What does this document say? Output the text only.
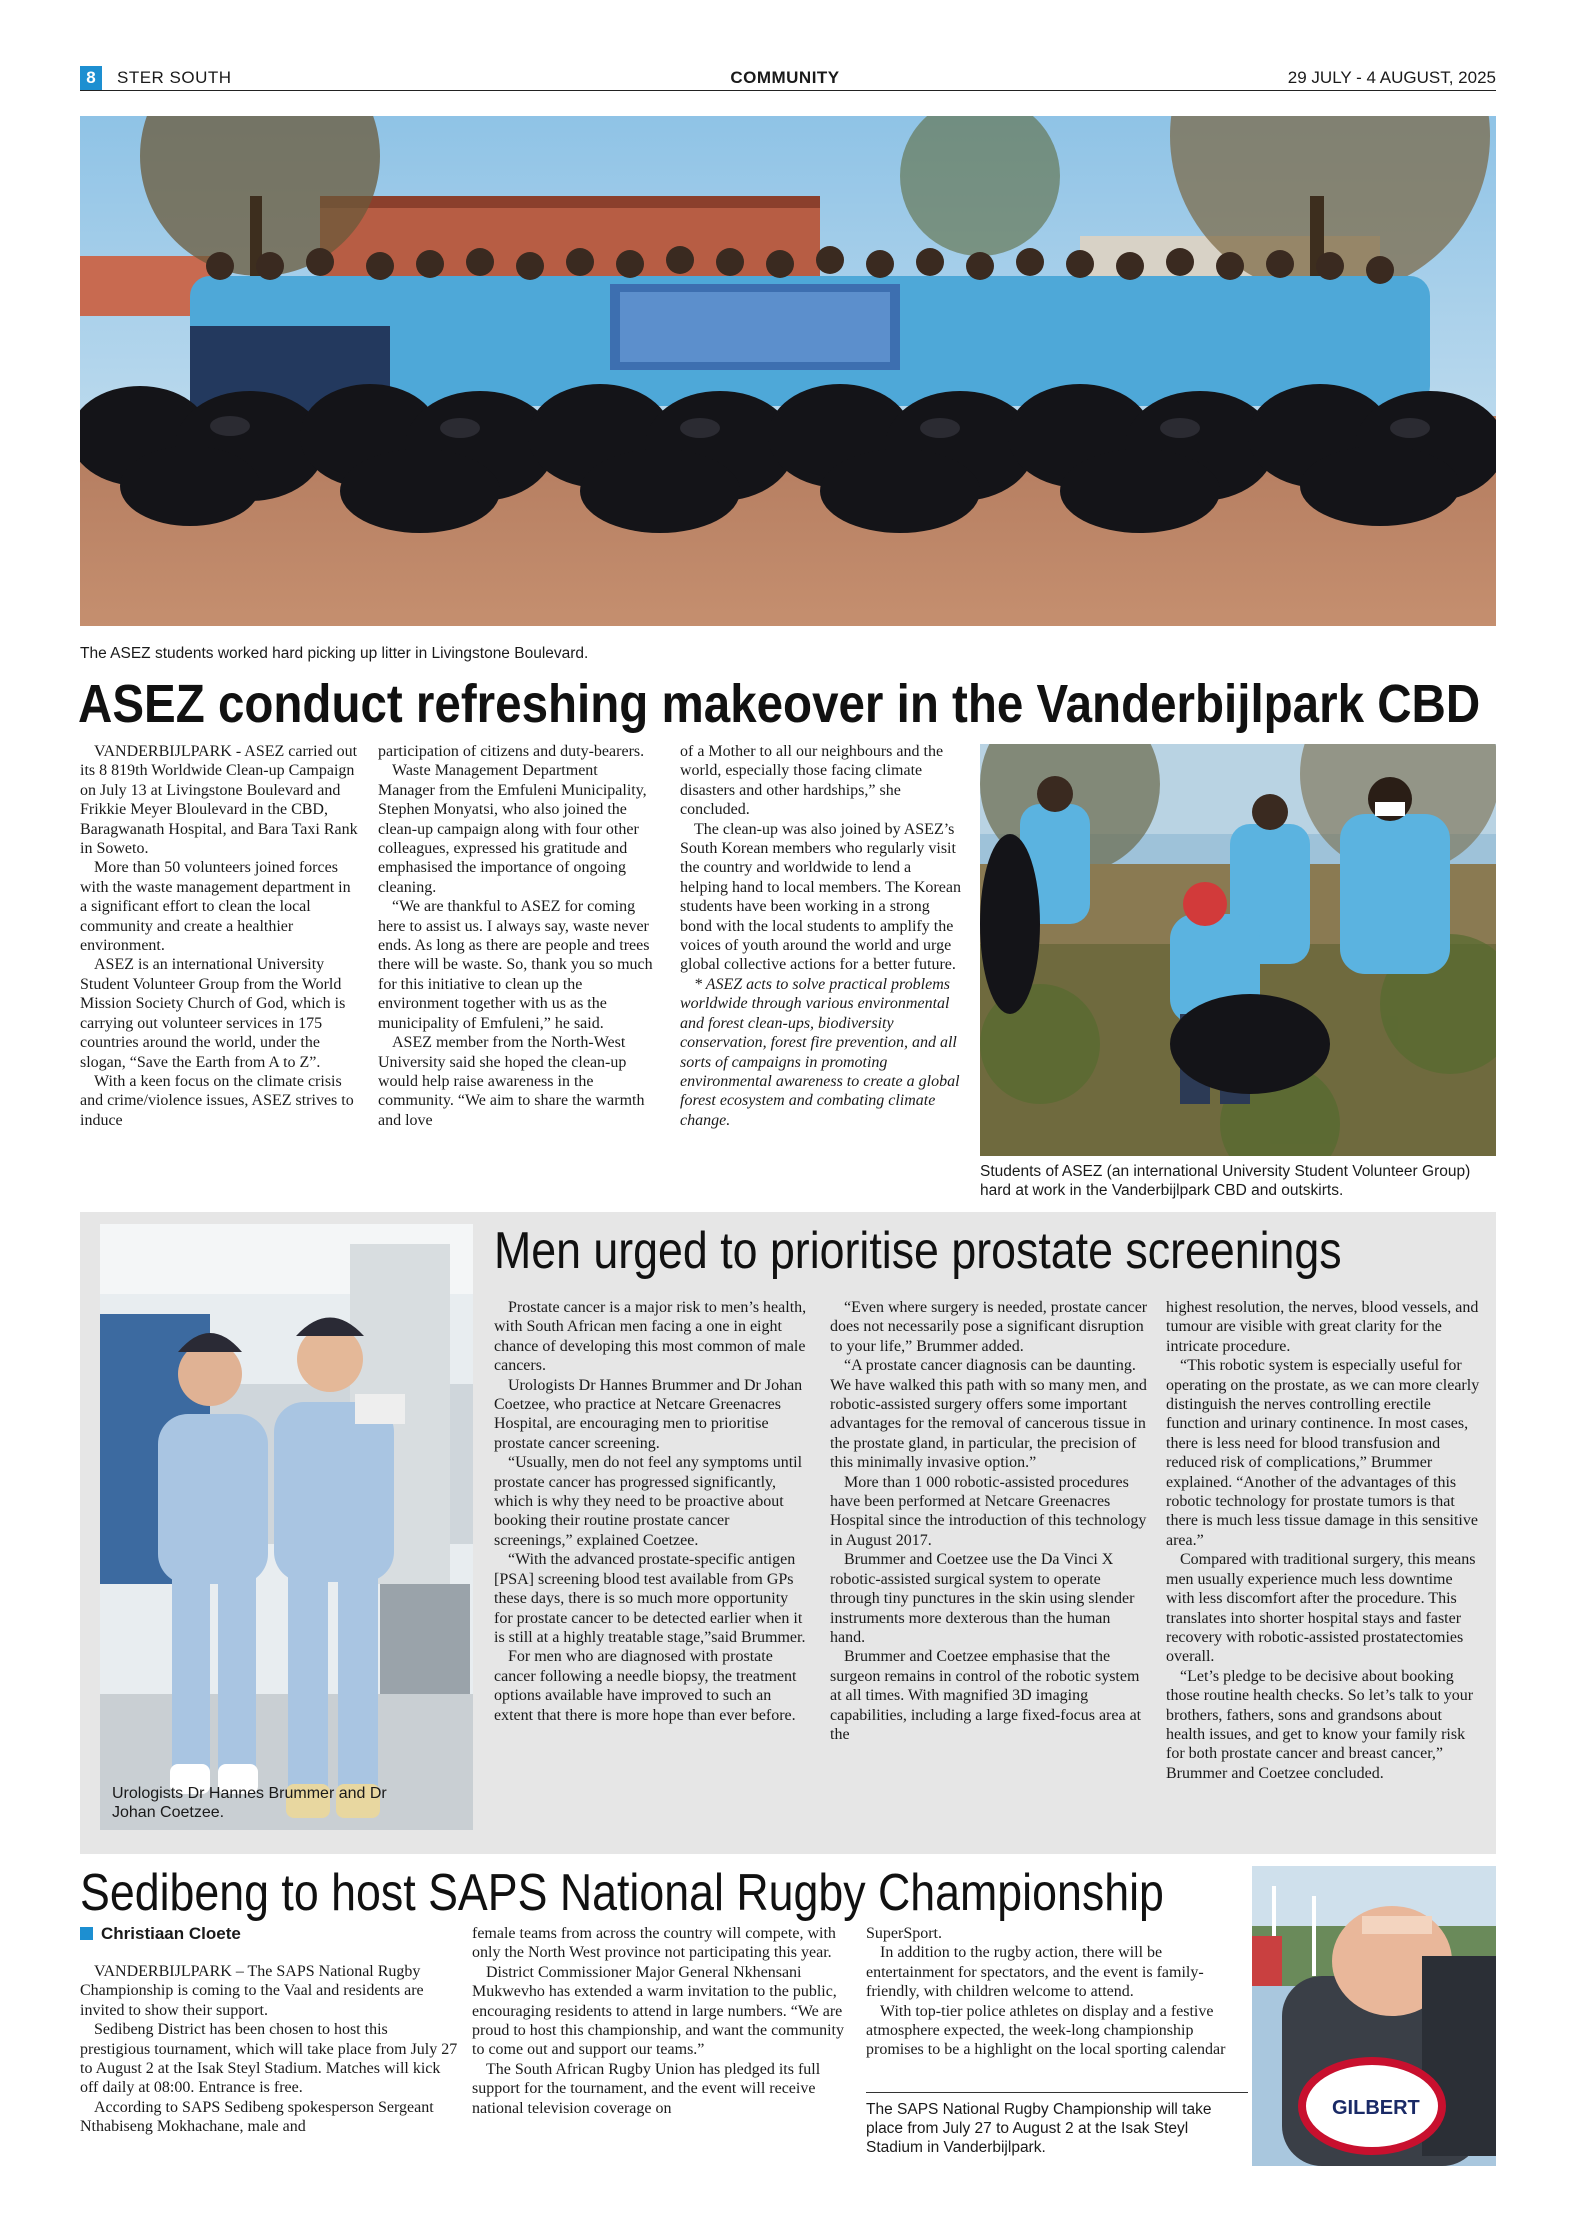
8	STER SOUTH	COMMUNITY	29 JULY - 4 AUGUST, 2025
The ASEZ students worked hard picking up litter in Livingstone Boulevard.
ASEZ conduct refreshing makeover in the Vanderbijlpark CBD

VANDERBIJLPARK - ASEZ carried out its 8 819th Worldwide Clean-up Campaign on July 13 at Livingstone Boulevard and Frikkie Meyer Bloulevard in the CBD, Baragwanath Hospital, and Bara Taxi Rank in Soweto.

More than 50 volunteers joined forces with the waste management department in a significant effort to clean the local community and create a healthier environment.

ASEZ is an international University Student Volunteer Group from the World Mission Society Church of God, which is carrying out volunteer services in 175 countries around the world, under the slogan, “Save the Earth from A to Z”.

With a keen focus on the climate crisis and crime/violence issues, ASEZ strives to induce

participation of citizens and duty-bearers.

Waste Management Department Manager from the Emfuleni Municipality, Stephen Monyatsi, who also joined the clean-up campaign along with four other colleagues, expressed his gratitude and emphasised the importance of ongoing cleaning.

“We are thankful to ASEZ for coming here to assist us. I always say, waste never ends. As long as there are people and trees there will be waste. So, thank you so much for this initiative to clean up the environment together with us as the municipality of Emfuleni,” he said.

ASEZ member from the North-West University said she hoped the clean-up would help raise awareness in the community. “We aim to share the warmth and love

of a Mother to all our neighbours and the world, especially those facing climate disasters and other hardships,” she concluded.

The clean-up was also joined by ASEZ’s South Korean members who regularly visit the country and worldwide to lend a helping hand to local members. The Korean students have been working in a strong bond with the local students to amplify the voices of youth around the world and urge global collective actions for a better future.

* ASEZ acts to solve practical problems worldwide through various environmental and forest clean-ups, biodiversity conservation, forest fire prevention, and all sorts of campaigns in promoting environmental awareness to create a global forest ecosystem and combating climate change.

Students of ASEZ (an international University Student Volunteer Group) hard at work in the Vanderbijlpark CBD and outskirts.
Urologists Dr Hannes Brummer and Dr Johan Coetzee.
Men urged to prioritise prostate screenings

Prostate cancer is a major risk to men’s health, with South African men facing a one in eight chance of developing this most common of male cancers.

Urologists Dr Hannes Brummer and Dr Johan Coetzee, who practice at Netcare Greenacres Hospital, are encouraging men to prioritise prostate cancer screening.

“Usually, men do not feel any symptoms until prostate cancer has progressed significantly, which is why they need to be proactive about booking their routine prostate cancer screenings,” explained Coetzee.

“With the advanced prostate-specific antigen [PSA] screening blood test available from GPs these days, there is so much more opportunity for prostate cancer to be detected earlier when it is still at a highly treatable stage,”said Brummer.

For men who are diagnosed with prostate cancer following a needle biopsy, the treatment options available have improved to such an extent that there is more hope than ever before.

“Even where surgery is needed, prostate cancer does not necessarily pose a significant disruption to your life,” Brummer added.

“A prostate cancer diagnosis can be daunting. We have walked this path with so many men, and robotic-assisted surgery offers some important advantages for the removal of cancerous tissue in the prostate gland, in particular, the precision of this minimally invasive option.”

More than 1 000 robotic-assisted procedures have been performed at Netcare Greenacres Hospital since the introduction of this technology in August 2017.

Brummer and Coetzee use the Da Vinci X robotic-assisted surgical system to operate through tiny punctures in the skin using slender instruments more dexterous than the human hand.

Brummer and Coetzee emphasise that the surgeon remains in control of the robotic system at all times. With magnified 3D imaging capabilities, including a large fixed-focus area at the

highest resolution, the nerves, blood vessels, and tumour are visible with great clarity for the intricate procedure.

“This robotic system is especially useful for operating on the prostate, as we can more clearly distinguish the nerves controlling erectile function and urinary continence. In most cases, there is less need for blood transfusion and reduced risk of complications,” Brummer explained. “Another of the advantages of this robotic technology for prostate tumors is that there is much less tissue damage in this sensitive area.”

Compared with traditional surgery, this means men usually experience much less downtime with less discomfort after the procedure. This translates into shorter hospital stays and faster recovery with robotic-assisted prostatectomies overall.

“Let’s pledge to be decisive about booking those routine health checks. So let’s talk to your brothers, fathers, sons and grandsons about health issues, and get to know your family risk for both prostate cancer and breast cancer,” Brummer and Coetzee concluded.

Sedibeng to host SAPS National Rugby Championship
Christiaan Cloete

VANDERBIJLPARK – The SAPS National Rugby Championship is coming to the Vaal and residents are invited to show their support.

Sedibeng District has been chosen to host this prestigious tournament, which will take place from July 27 to August 2 at the Isak Steyl Stadium. Matches will kick off daily at 08:00. Entrance is free.

According to SAPS Sedibeng spokesperson Sergeant Nthabiseng Mokhachane, male and

female teams from across the country will compete, with only the North West province not participating this year.

District Commissioner Major General Nkhensani Mukwevho has extended a warm invitation to the public, encouraging residents to attend in large numbers. “We are proud to host this championship, and want the community to come out and support our teams.”

The South African Rugby Union has pledged its full support for the tournament, and the event will receive national television coverage on

SuperSport.

In addition to the rugby action, there will be entertainment for spectators, and the event is family-friendly, with children welcome to attend.

With top-tier police athletes on display and a festive atmosphere expected, the week-long championship promises to be a highlight on the local sporting calendar

The SAPS National Rugby Championship will take place from July 27 to August 2 at the Isak Steyl Stadium in Vanderbijlpark.
GILBERT
